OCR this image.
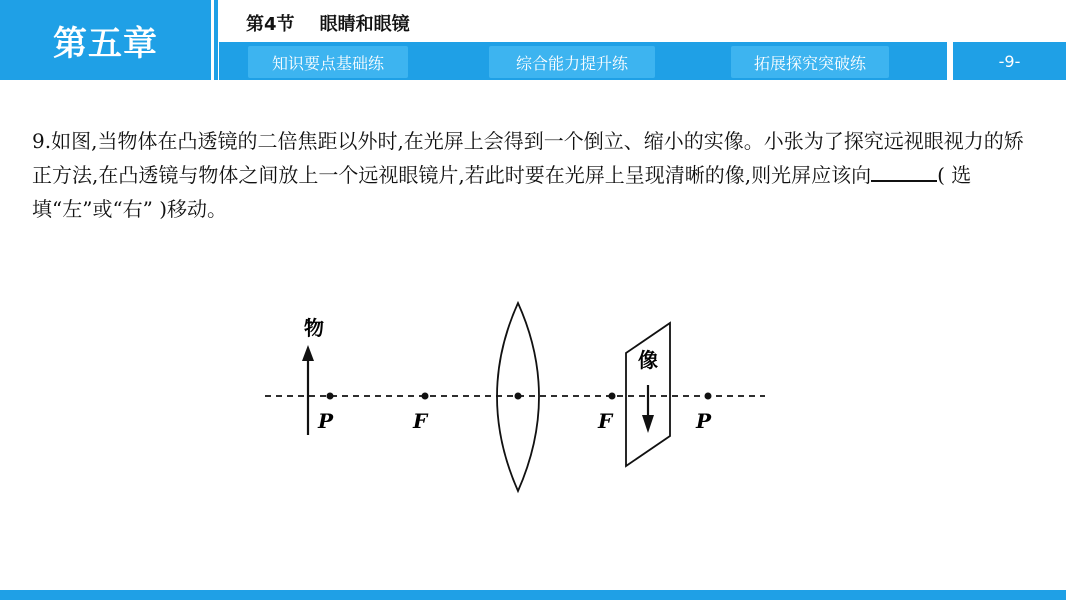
第五章	第4节    眼睛和眼镜
知识要点基础练	综合能力提升练	拓展探究突破练	-9-
9.如图,当物体在凸透镜的二倍焦距以外时,在光屏上会得到一个倒立、缩小的实像。小张为了探究远视眼视力的矫正方法,在凸透镜与物体之间放上一个远视眼镜片,若此时要在光屏上呈现清晰的像,则光屏应该向	( 选填“左”或“右” )移动。
物
P	F	F	P
像
